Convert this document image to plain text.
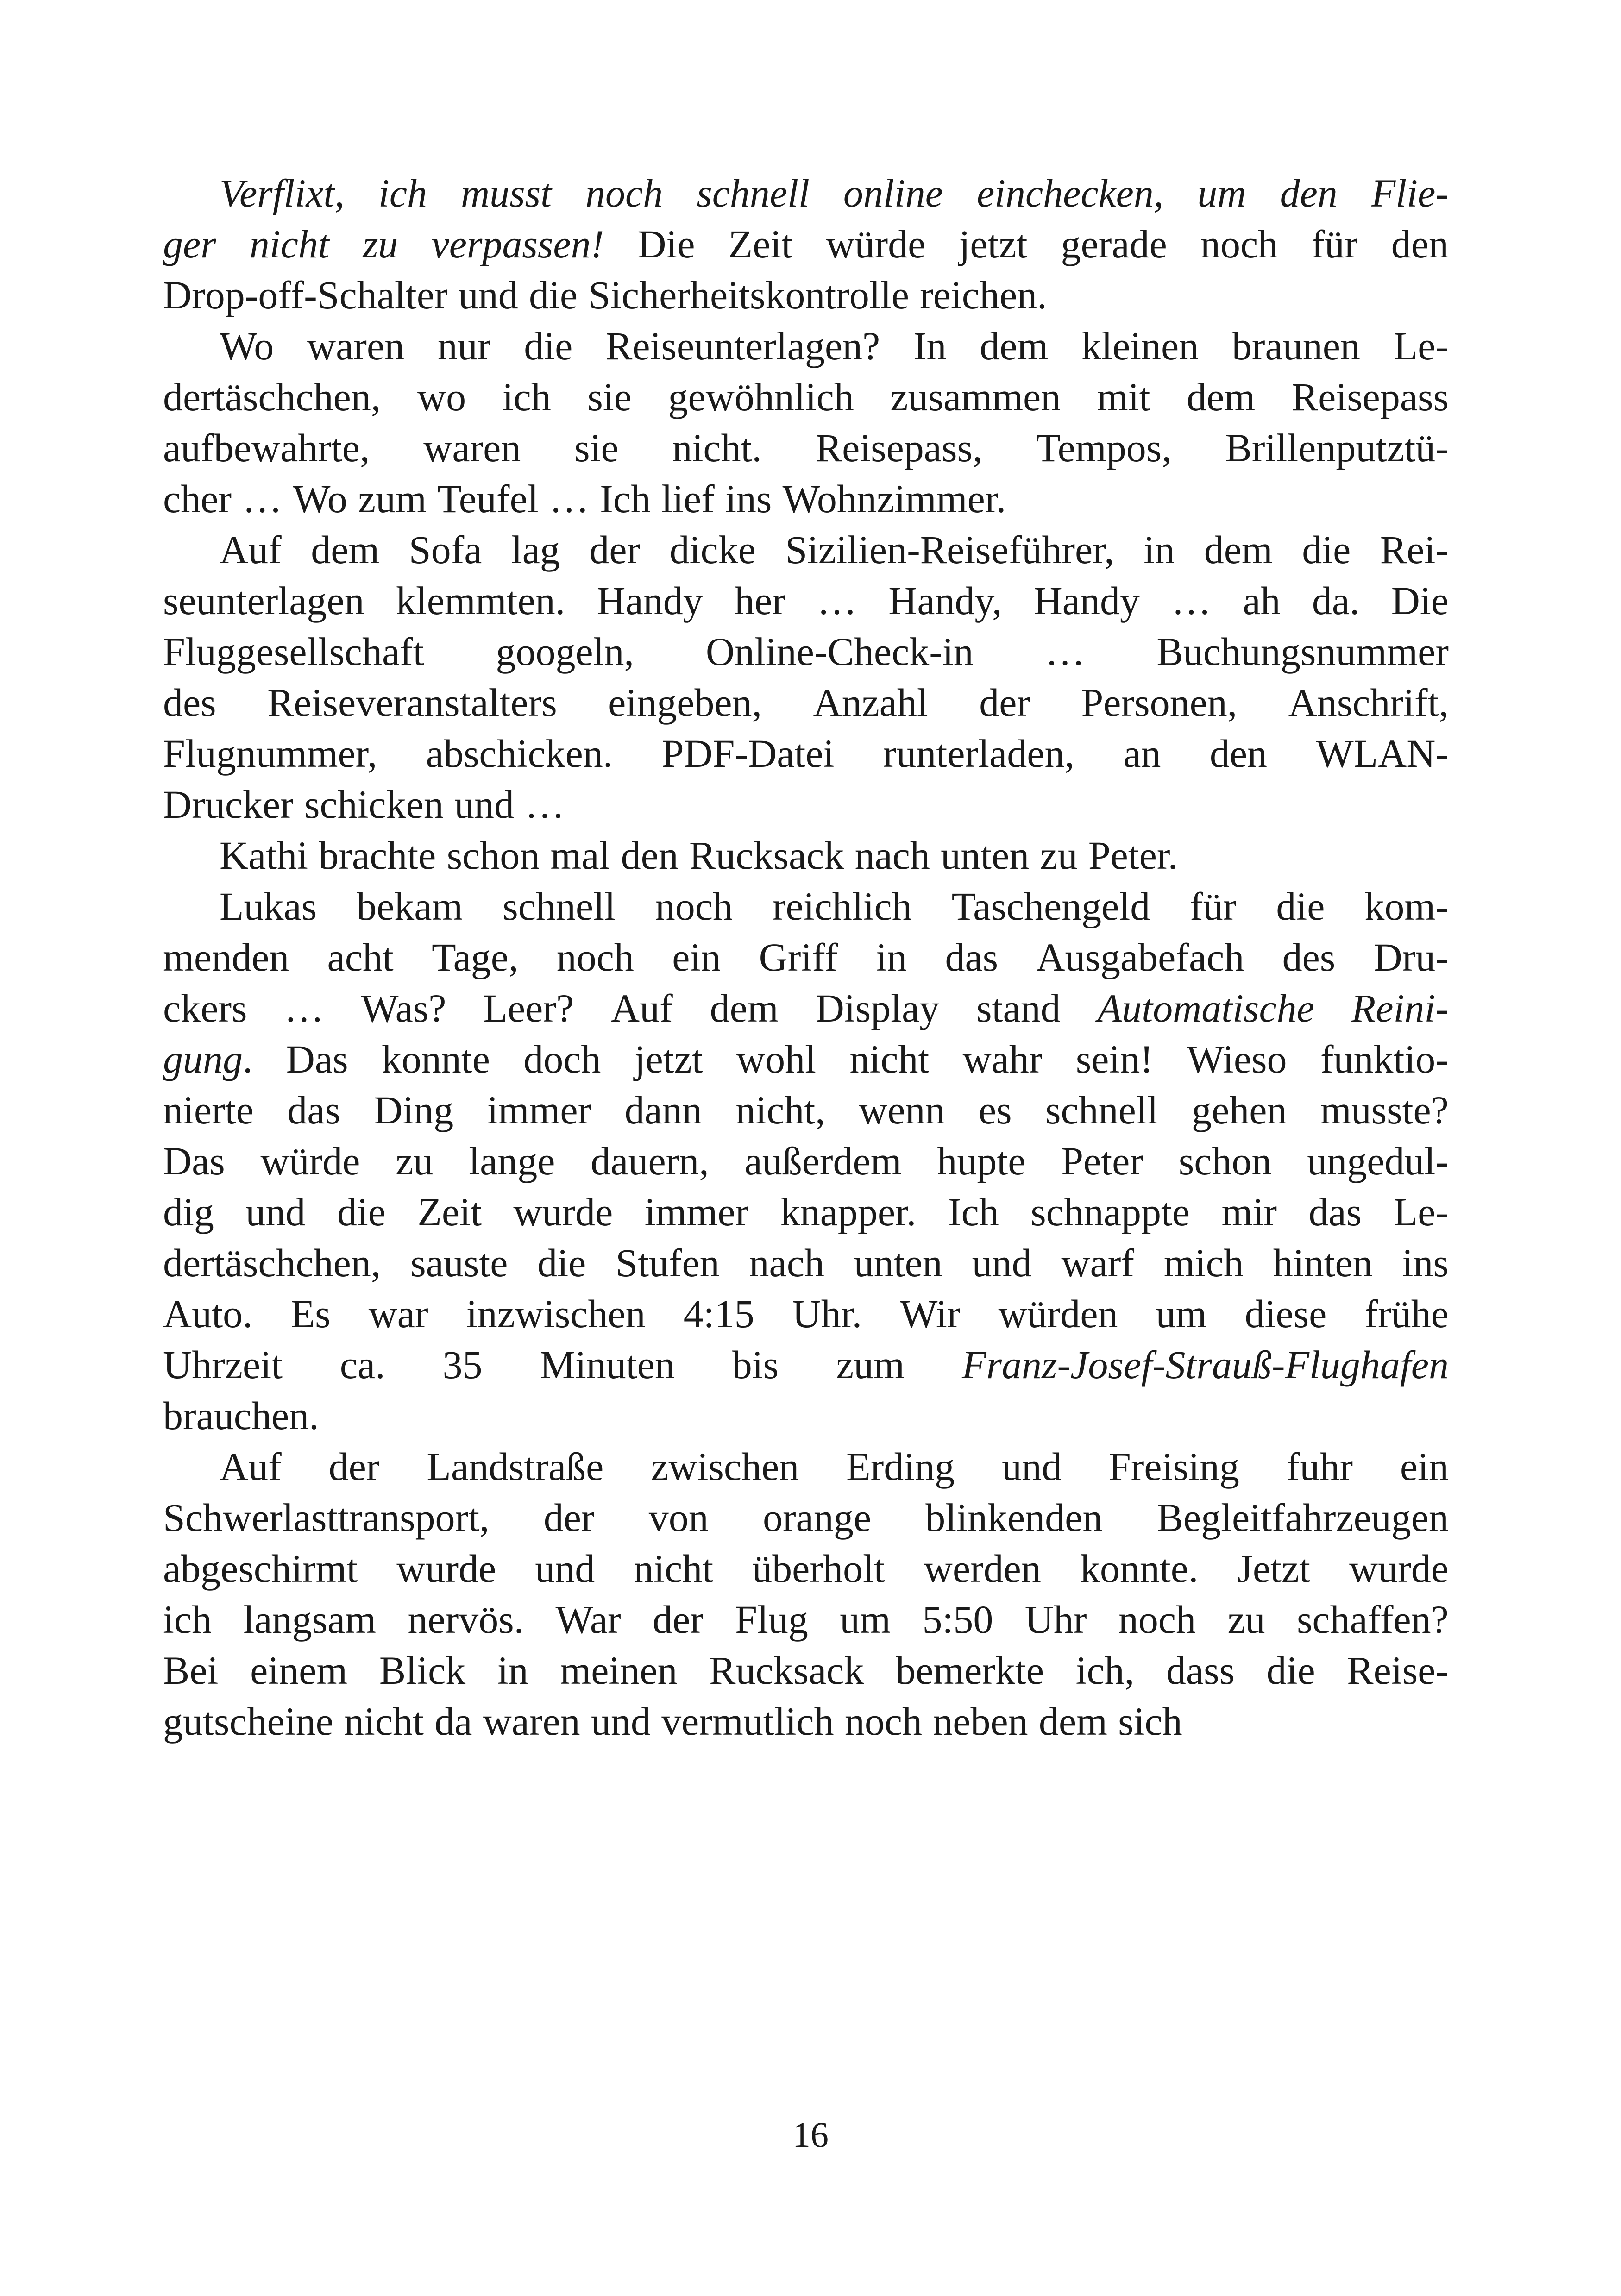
Verflixt, ich musst noch schnell online einchecken, um den Flie-
ger nicht zu verpassen! Die Zeit würde jetzt gerade noch für den
Drop-off-Schalter und die Sicherheitskontrolle reichen.
Wo waren nur die Reiseunterlagen? In dem kleinen braunen Le-
dertäschchen, wo ich sie gewöhnlich zusammen mit dem Reisepass
aufbewahrte, waren sie nicht. Reisepass, Tempos, Brillenputztü-
cher … Wo zum Teufel … Ich lief ins Wohnzimmer.
Auf dem Sofa lag der dicke Sizilien-Reiseführer, in dem die Rei-
seunterlagen klemmten. Handy her … Handy, Handy … ah da. Die
Fluggesellschaft googeln, Online-Check-in … Buchungsnummer
des Reiseveranstalters eingeben, Anzahl der Personen, Anschrift,
Flugnummer, abschicken. PDF-Datei runterladen, an den WLAN-
Drucker schicken und …
Kathi brachte schon mal den Rucksack nach unten zu Peter.
Lukas bekam schnell noch reichlich Taschengeld für die kom-
menden acht Tage, noch ein Griff in das Ausgabefach des Dru-
ckers … Was? Leer? Auf dem Display stand Automatische Reini-
gung. Das konnte doch jetzt wohl nicht wahr sein! Wieso funktio-
nierte das Ding immer dann nicht, wenn es schnell gehen musste?
Das würde zu lange dauern, außerdem hupte Peter schon ungedul-
dig und die Zeit wurde immer knapper. Ich schnappte mir das Le-
dertäschchen, sauste die Stufen nach unten und warf mich hinten ins
Auto. Es war inzwischen 4:15 Uhr. Wir würden um diese frühe
Uhrzeit ca. 35 Minuten bis zum Franz-Josef-Strauß-Flughafen
brauchen.
Auf der Landstraße zwischen Erding und Freising fuhr ein
Schwerlasttransport, der von orange blinkenden Begleitfahrzeugen
abgeschirmt wurde und nicht überholt werden konnte. Jetzt wurde
ich langsam nervös. War der Flug um 5:50 Uhr noch zu schaffen?
Bei einem Blick in meinen Rucksack bemerkte ich, dass die Reise-
gutscheine nicht da waren und vermutlich noch neben dem sich
16
